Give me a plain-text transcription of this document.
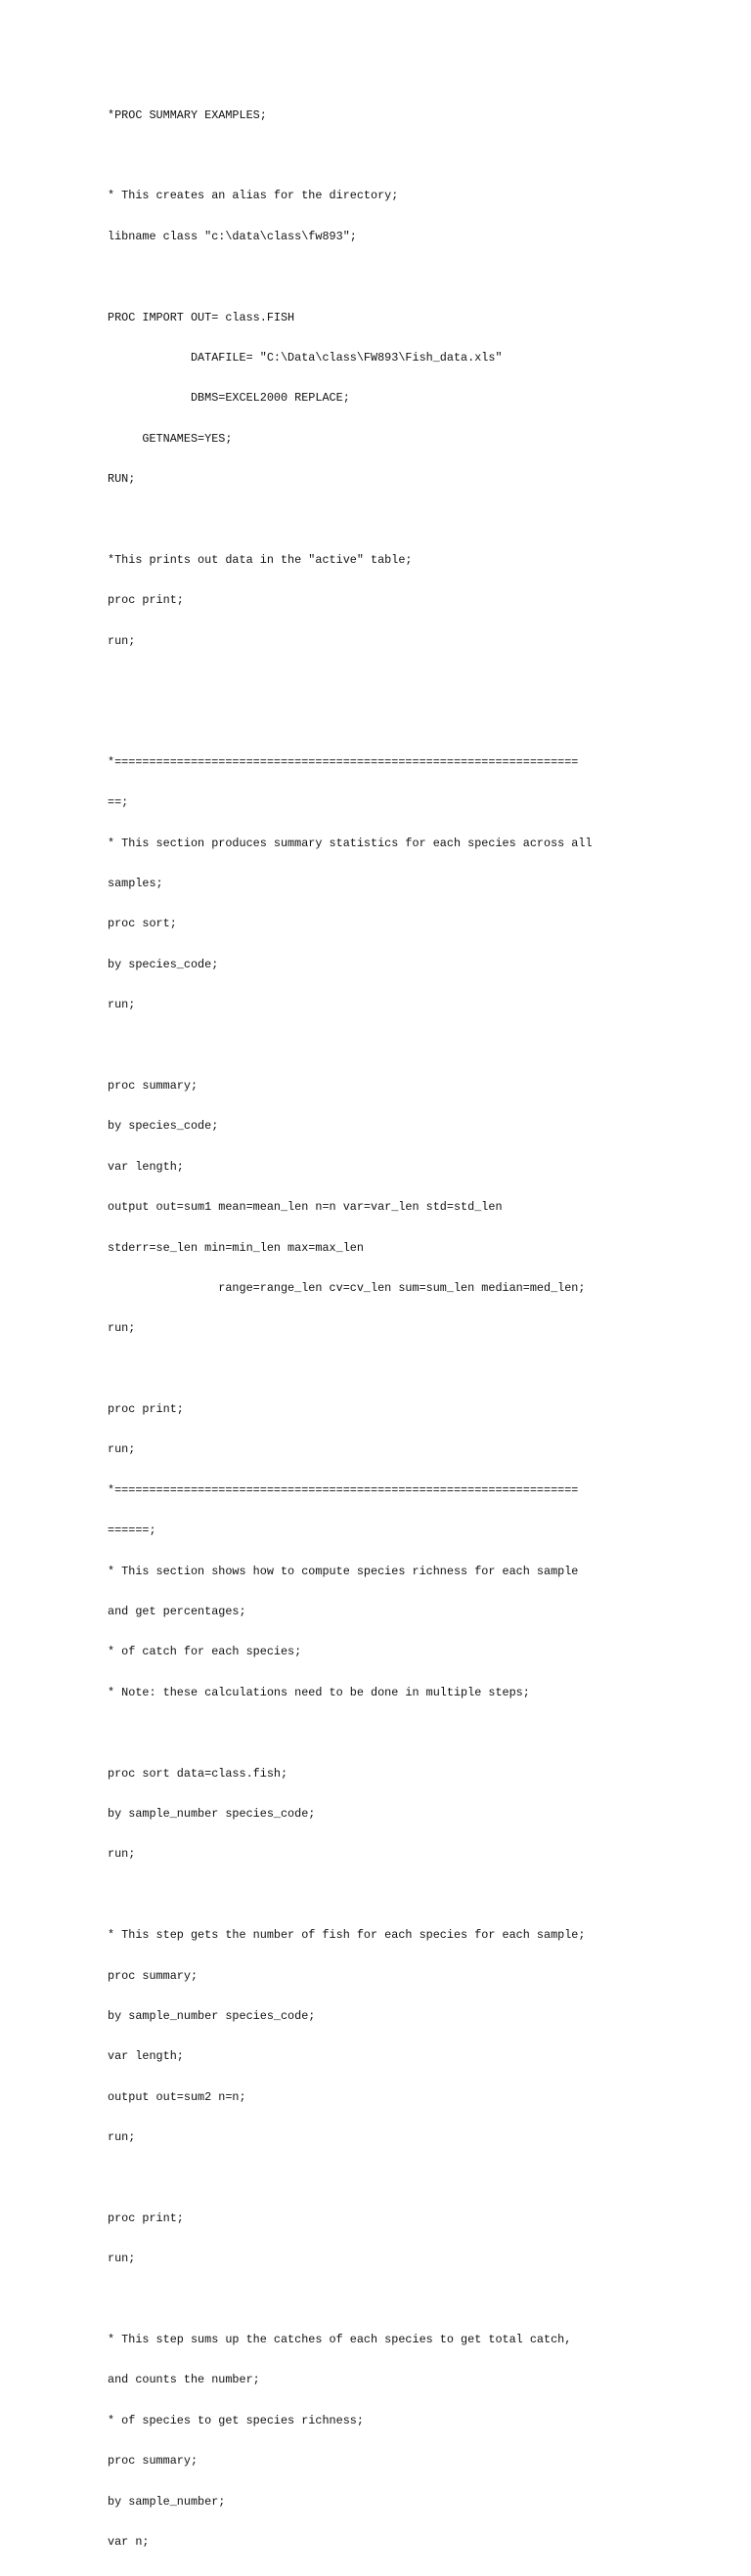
*PROC SUMMARY EXAMPLES;

* This creates an alias for the directory;

libname class "c:\data\class\fw893";

PROC IMPORT OUT= class.FISH

DATAFILE= "C:\Data\class\FW893\Fish_data.xls"

DBMS=EXCEL2000 REPLACE;

GETNAMES=YES;

RUN;

*This prints out data in the "active" table;

proc print;

run;

*===================================================================

==;

* This section produces summary statistics for each species across all

samples;

proc sort;

by species_code;

run;

proc summary;

by species_code;

var length;

output out=sum1 mean=mean_len n=n var=var_len std=std_len

stderr=se_len min=min_len max=max_len

range=range_len cv=cv_len sum=sum_len median=med_len;

run;

proc print;

run;

*===================================================================

======;

* This section shows how to compute species richness for each sample

and get percentages;

* of catch for each species;

* Note: these calculations need to be done in multiple steps;

proc sort data=class.fish;

by sample_number species_code;

run;

* This step gets the number of fish for each species for each sample;

proc summary;

by sample_number species_code;

var length;

output out=sum2 n=n;

run;

proc print;

run;

* This step sums up the catches of each species to get total catch,

and counts the number;

* of species to get species richness;

proc summary;

by sample_number;

var n;
